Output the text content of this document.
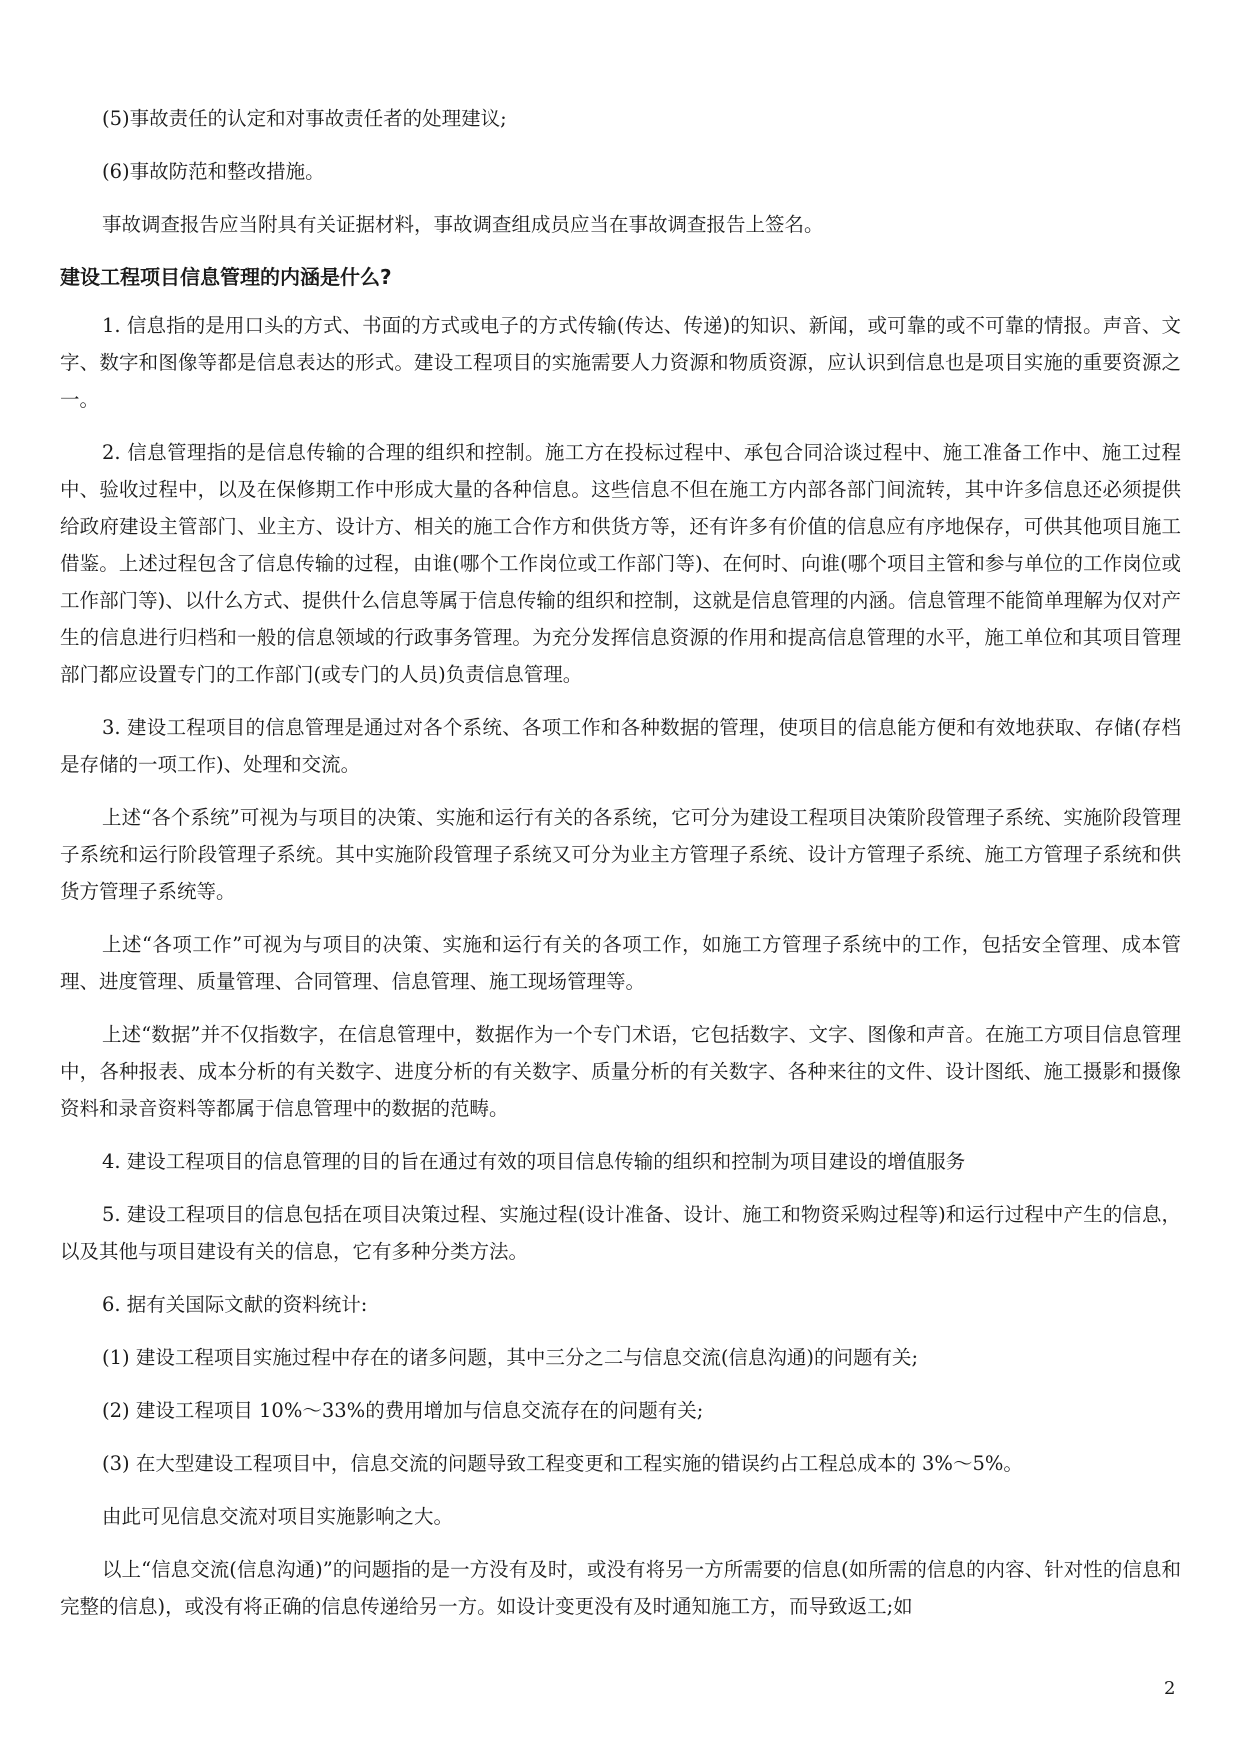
(5)事故责任的认定和对事故责任者的处理建议;

(6)事故防范和整改措施。

事故调查报告应当附具有关证据材料，事故调查组成员应当在事故调查报告上签名。

建设工程项目信息管理的内涵是什么?

1. 信息指的是用口头的方式、书面的方式或电子的方式传输(传达、传递)的知识、新闻，或可靠的或不可靠的情报。声音、文字、数字和图像等都是信息表达的形式。建设工程项目的实施需要人力资源和物质资源，应认识到信息也是项目实施的重要资源之一。

2. 信息管理指的是信息传输的合理的组织和控制。施工方在投标过程中、承包合同洽谈过程中、施工准备工作中、施工过程中、验收过程中，以及在保修期工作中形成大量的各种信息。这些信息不但在施工方内部各部门间流转，其中许多信息还必须提供给政府建设主管部门、业主方、设计方、相关的施工合作方和供货方等，还有许多有价值的信息应有序地保存，可供其他项目施工借鉴。上述过程包含了信息传输的过程，由谁(哪个工作岗位或工作部门等)、在何时、向谁(哪个项目主管和参与单位的工作岗位或工作部门等)、以什么方式、提供什么信息等属于信息传输的组织和控制，这就是信息管理的内涵。信息管理不能简单理解为仅对产生的信息进行归档和一般的信息领域的行政事务管理。为充分发挥信息资源的作用和提高信息管理的水平，施工单位和其项目管理部门都应设置专门的工作部门(或专门的人员)负责信息管理。

3. 建设工程项目的信息管理是通过对各个系统、各项工作和各种数据的管理，使项目的信息能方便和有效地获取、存储(存档是存储的一项工作)、处理和交流。

上述“各个系统”可视为与项目的决策、实施和运行有关的各系统，它可分为建设工程项目决策阶段管理子系统、实施阶段管理子系统和运行阶段管理子系统。其中实施阶段管理子系统又可分为业主方管理子系统、设计方管理子系统、施工方管理子系统和供货方管理子系统等。

上述“各项工作”可视为与项目的决策、实施和运行有关的各项工作，如施工方管理子系统中的工作，包括安全管理、成本管理、进度管理、质量管理、合同管理、信息管理、施工现场管理等。

上述“数据”并不仅指数字，在信息管理中，数据作为一个专门术语，它包括数字、文字、图像和声音。在施工方项目信息管理中，各种报表、成本分析的有关数字、进度分析的有关数字、质量分析的有关数字、各种来往的文件、设计图纸、施工摄影和摄像资料和录音资料等都属于信息管理中的数据的范畴。

4. 建设工程项目的信息管理的目的旨在通过有效的项目信息传输的组织和控制为项目建设的增值服务

5. 建设工程项目的信息包括在项目决策过程、实施过程(设计准备、设计、施工和物资采购过程等)和运行过程中产生的信息，以及其他与项目建设有关的信息，它有多种分类方法。

6. 据有关国际文献的资料统计:

(1) 建设工程项目实施过程中存在的诸多问题，其中三分之二与信息交流(信息沟通)的问题有关;

(2) 建设工程项目 10%～33%的费用增加与信息交流存在的问题有关;

(3) 在大型建设工程项目中，信息交流的问题导致工程变更和工程实施的错误约占工程总成本的 3%～5%。

由此可见信息交流对项目实施影响之大。

以上“信息交流(信息沟通)”的问题指的是一方没有及时，或没有将另一方所需要的信息(如所需的信息的内容、针对性的信息和完整的信息)，或没有将正确的信息传递给另一方。如设计变更没有及时通知施工方，而导致返工;如

2
